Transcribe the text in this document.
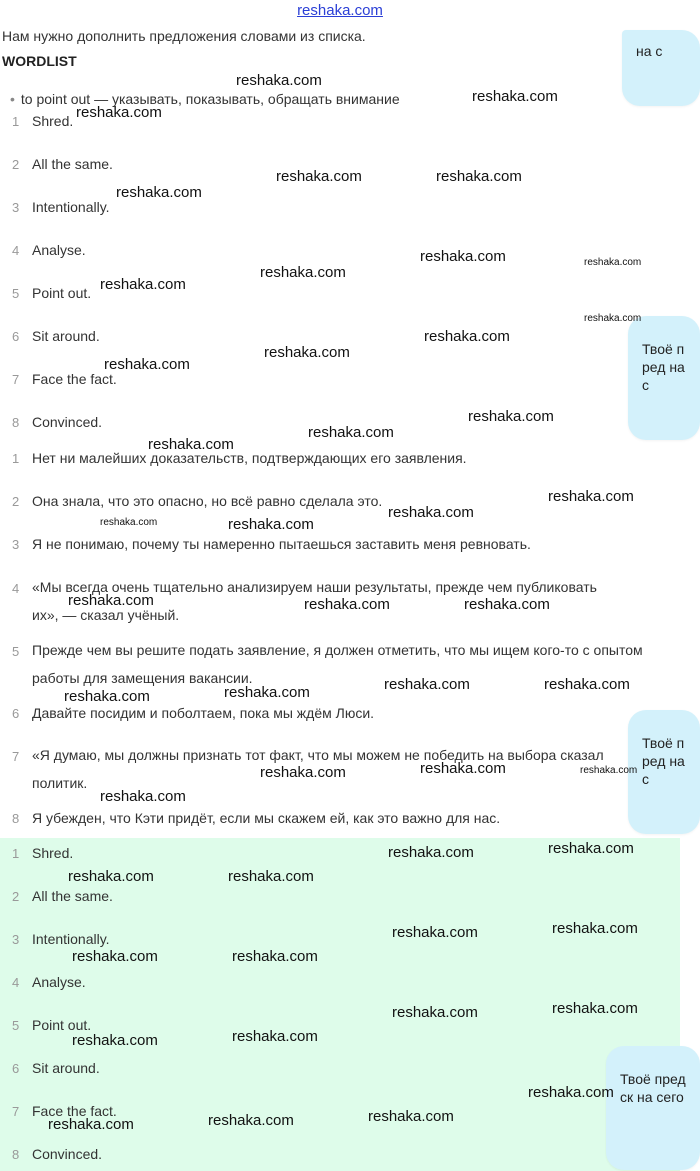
reshaka.com
Нам нужно дополнить предложения словами из списка.
WORDLIST
• to point out — указывать, показывать, обращать внимание
1 Shred.
2 All the same.
3 Intentionally.
4 Analyse.
5 Point out.
6 Sit around.
7 Face the fact.
8 Convinced.
1 Нет ни малейших доказательств, подтверждающих его заявления.
2 Она знала, что это опасно, но всё равно сделала это.
3 Я не понимаю, почему ты намеренно пытаешься заставить меня ревновать.
4 «Мы всегда очень тщательно анализируем наши результаты, прежде чем публиковать их», — сказал учёный.
5 Прежде чем вы решите подать заявление, я должен отметить, что мы ищем кого-то с опытом работы для замещения вакансии.
6 Давайте посидим и поболтаем, пока мы ждём Люси.
7 «Я думаю, мы должны признать тот факт, что мы можем не победить на выбора сказал политик.
8 Я убежден, что Кэти придёт, если мы скажем ей, как это важно для нас.
1 Shred.
2 All the same.
3 Intentionally.
4 Analyse.
5 Point out.
6 Sit around.
7 Face the fact.
8 Convinced.
на с
Твоё пред на с
Твоё пред на с
Твоё предск на сего
reshaka.com
reshaka.com
reshaka.com
reshaka.com	reshaka.com
reshaka.com
reshaka.com	reshaka.com
reshaka.com
reshaka.com
reshaka.com
reshaka.com
reshaka.com
reshaka.com
reshaka.com
reshaka.com
reshaka.com
reshaka.com
reshaka.com
reshaka.com	reshaka.com
reshaka.com	reshaka.com	reshaka.com
reshaka.com	reshaka.com
reshaka.com
reshaka.com
reshaka.com	reshaka.com
reshaka.com
reshaka.com
reshaka.com
reshaka.com
reshaka.com
reshaka.com
reshaka.com
reshaka.com
reshaka.com
reshaka.com
reshaka.com
reshaka.com
reshaka.com
reshaka.com
reshaka.com
reshaka.com
reshaka.com
reshaka.com
